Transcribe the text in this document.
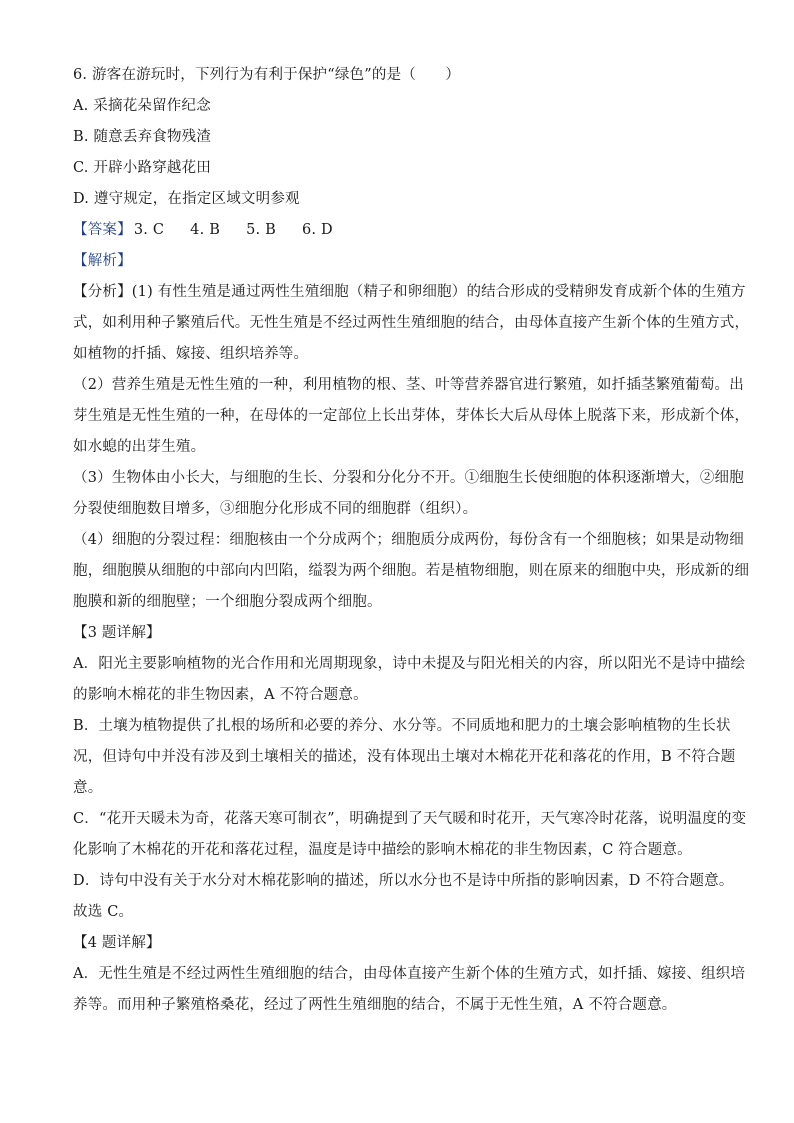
6. 游客在游玩时，下列行为有利于保护“绿色”的是（　　）
A. 采摘花朵留作纪念
B. 随意丢弃食物残渣
C. 开辟小路穿越花田
D. 遵守规定，在指定区域文明参观
【答案】 3. C 4. B 5. B 6. D
【解析】
【分析】(1) 有性生殖是通过两性生殖细胞（精子和卵细胞）的结合形成的受精卵发育成新个体的生殖方
式，如利用种子繁殖后代。无性生殖是不经过两性生殖细胞的结合，由母体直接产生新个体的生殖方式，
如植物的扦插、嫁接、组织培养等。
（2）营养生殖是无性生殖的一种，利用植物的根、茎、叶等营养器官进行繁殖，如扦插茎繁殖葡萄。出
芽生殖是无性生殖的一种，在母体的一定部位上长出芽体，芽体长大后从母体上脱落下来，形成新个体，
如水螅的出芽生殖。
（3）生物体由小长大，与细胞的生长、分裂和分化分不开。①细胞生长使细胞的体积逐渐增大，②细胞
分裂使细胞数目增多，③细胞分化形成不同的细胞群（组织）。
（4）细胞的分裂过程：细胞核由一个分成两个；细胞质分成两份，每份含有一个细胞核；如果是动物细
胞，细胞膜从细胞的中部向内凹陷，缢裂为两个细胞。若是植物细胞，则在原来的细胞中央，形成新的细
胞膜和新的细胞壁；一个细胞分裂成两个细胞。
【3 题详解】
A．阳光主要影响植物的光合作用和光周期现象，诗中未提及与阳光相关的内容，所以阳光不是诗中描绘
的影响木棉花的非生物因素，A 不符合题意。
B．土壤为植物提供了扎根的场所和必要的养分、水分等。不同质地和肥力的土壤会影响植物的生长状
况，但诗句中并没有涉及到土壤相关的描述，没有体现出土壤对木棉花开花和落花的作用，B 不符合题
意。
C．“花开天暖未为奇，花落天寒可制衣”，明确提到了天气暖和时花开，天气寒冷时花落，说明温度的变
化影响了木棉花的开花和落花过程，温度是诗中描绘的影响木棉花的非生物因素，C 符合题意。
D．诗句中没有关于水分对木棉花影响的描述，所以水分也不是诗中所指的影响因素，D 不符合题意。
故选 C。
【4 题详解】
A．无性生殖是不经过两性生殖细胞的结合，由母体直接产生新个体的生殖方式，如扦插、嫁接、组织培
养等。而用种子繁殖格桑花，经过了两性生殖细胞的结合，不属于无性生殖，A 不符合题意。
